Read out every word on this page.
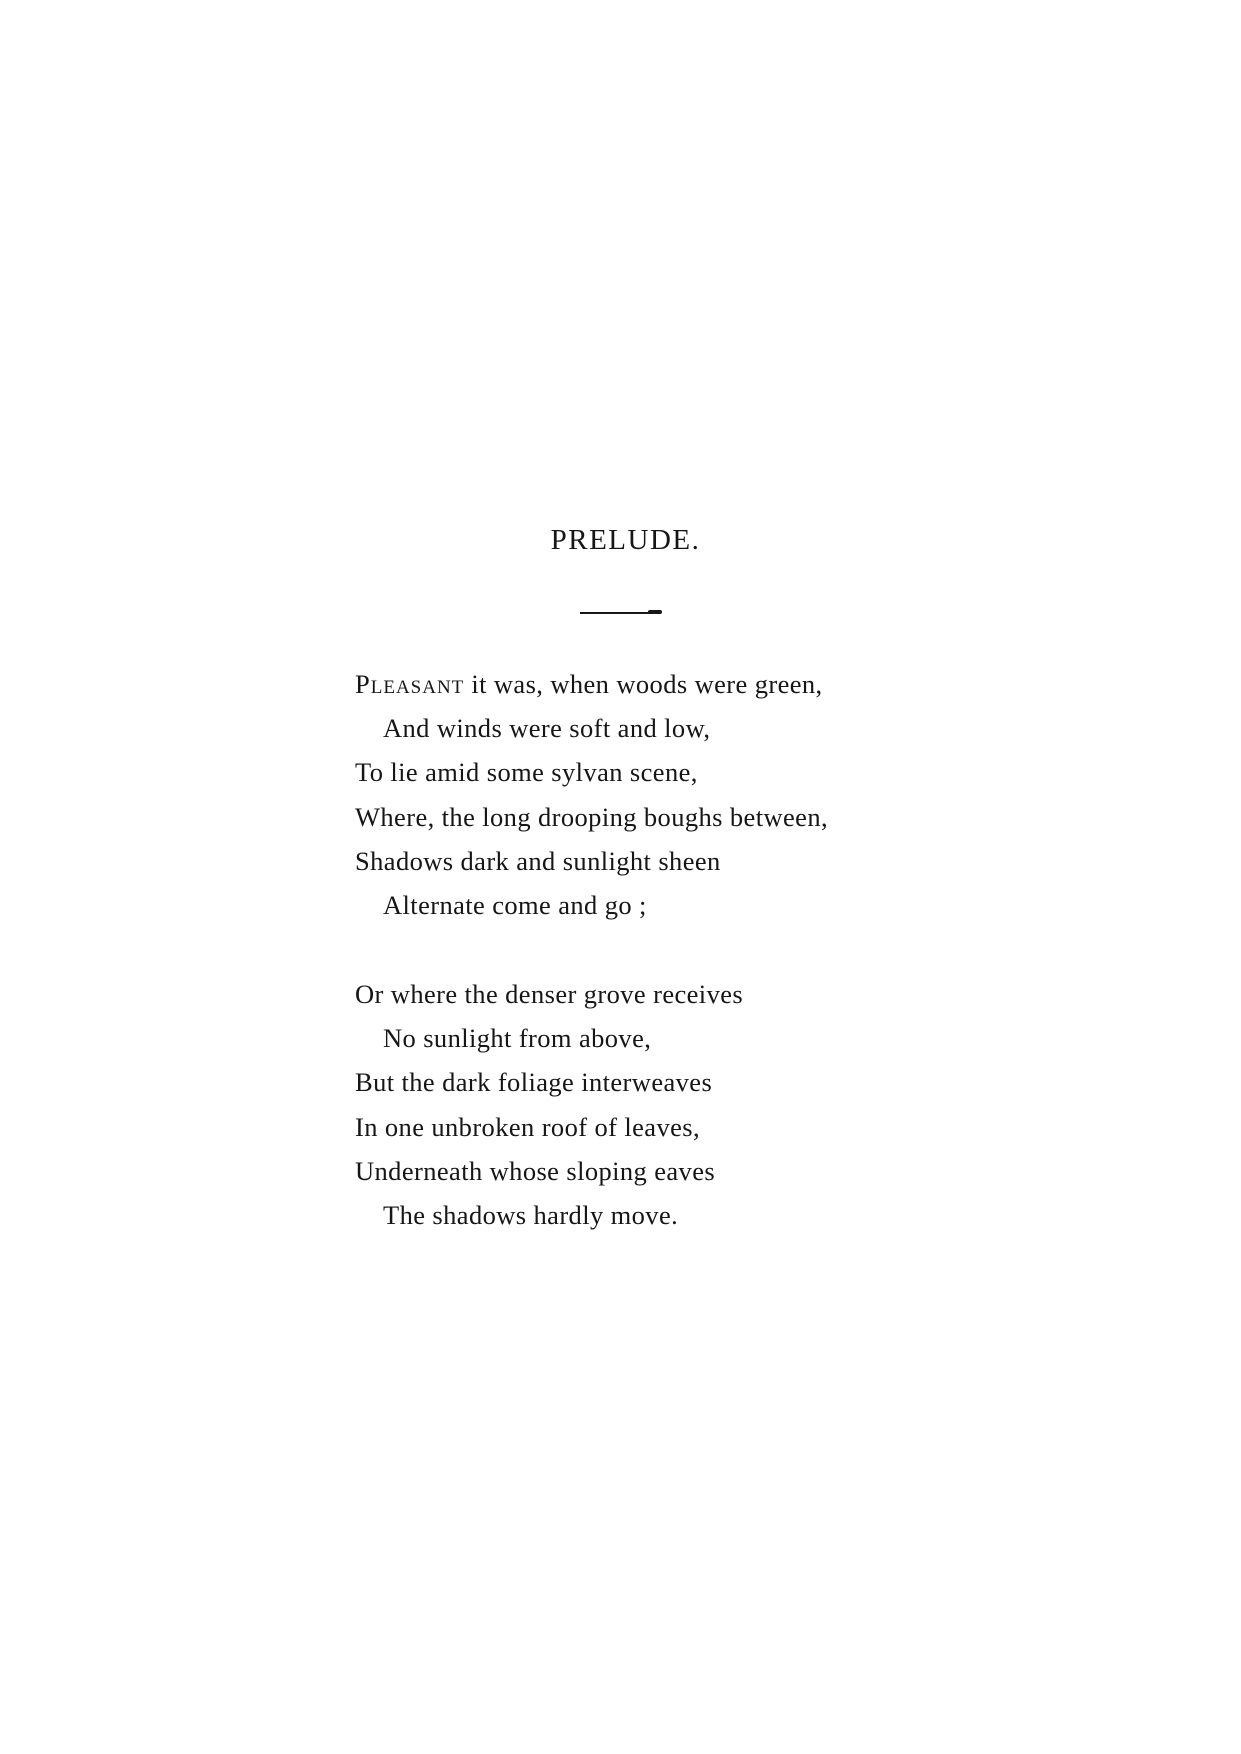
PRELUDE.
Pleasant it was, when woods were green,
And winds were soft and low,
To lie amid some sylvan scene,
Where, the long drooping boughs between,
Shadows dark and sunlight sheen
Alternate come and go ;
Or where the denser grove receives
No sunlight from above,
But the dark foliage interweaves
In one unbroken roof of leaves,
Underneath whose sloping eaves
The shadows hardly move.
